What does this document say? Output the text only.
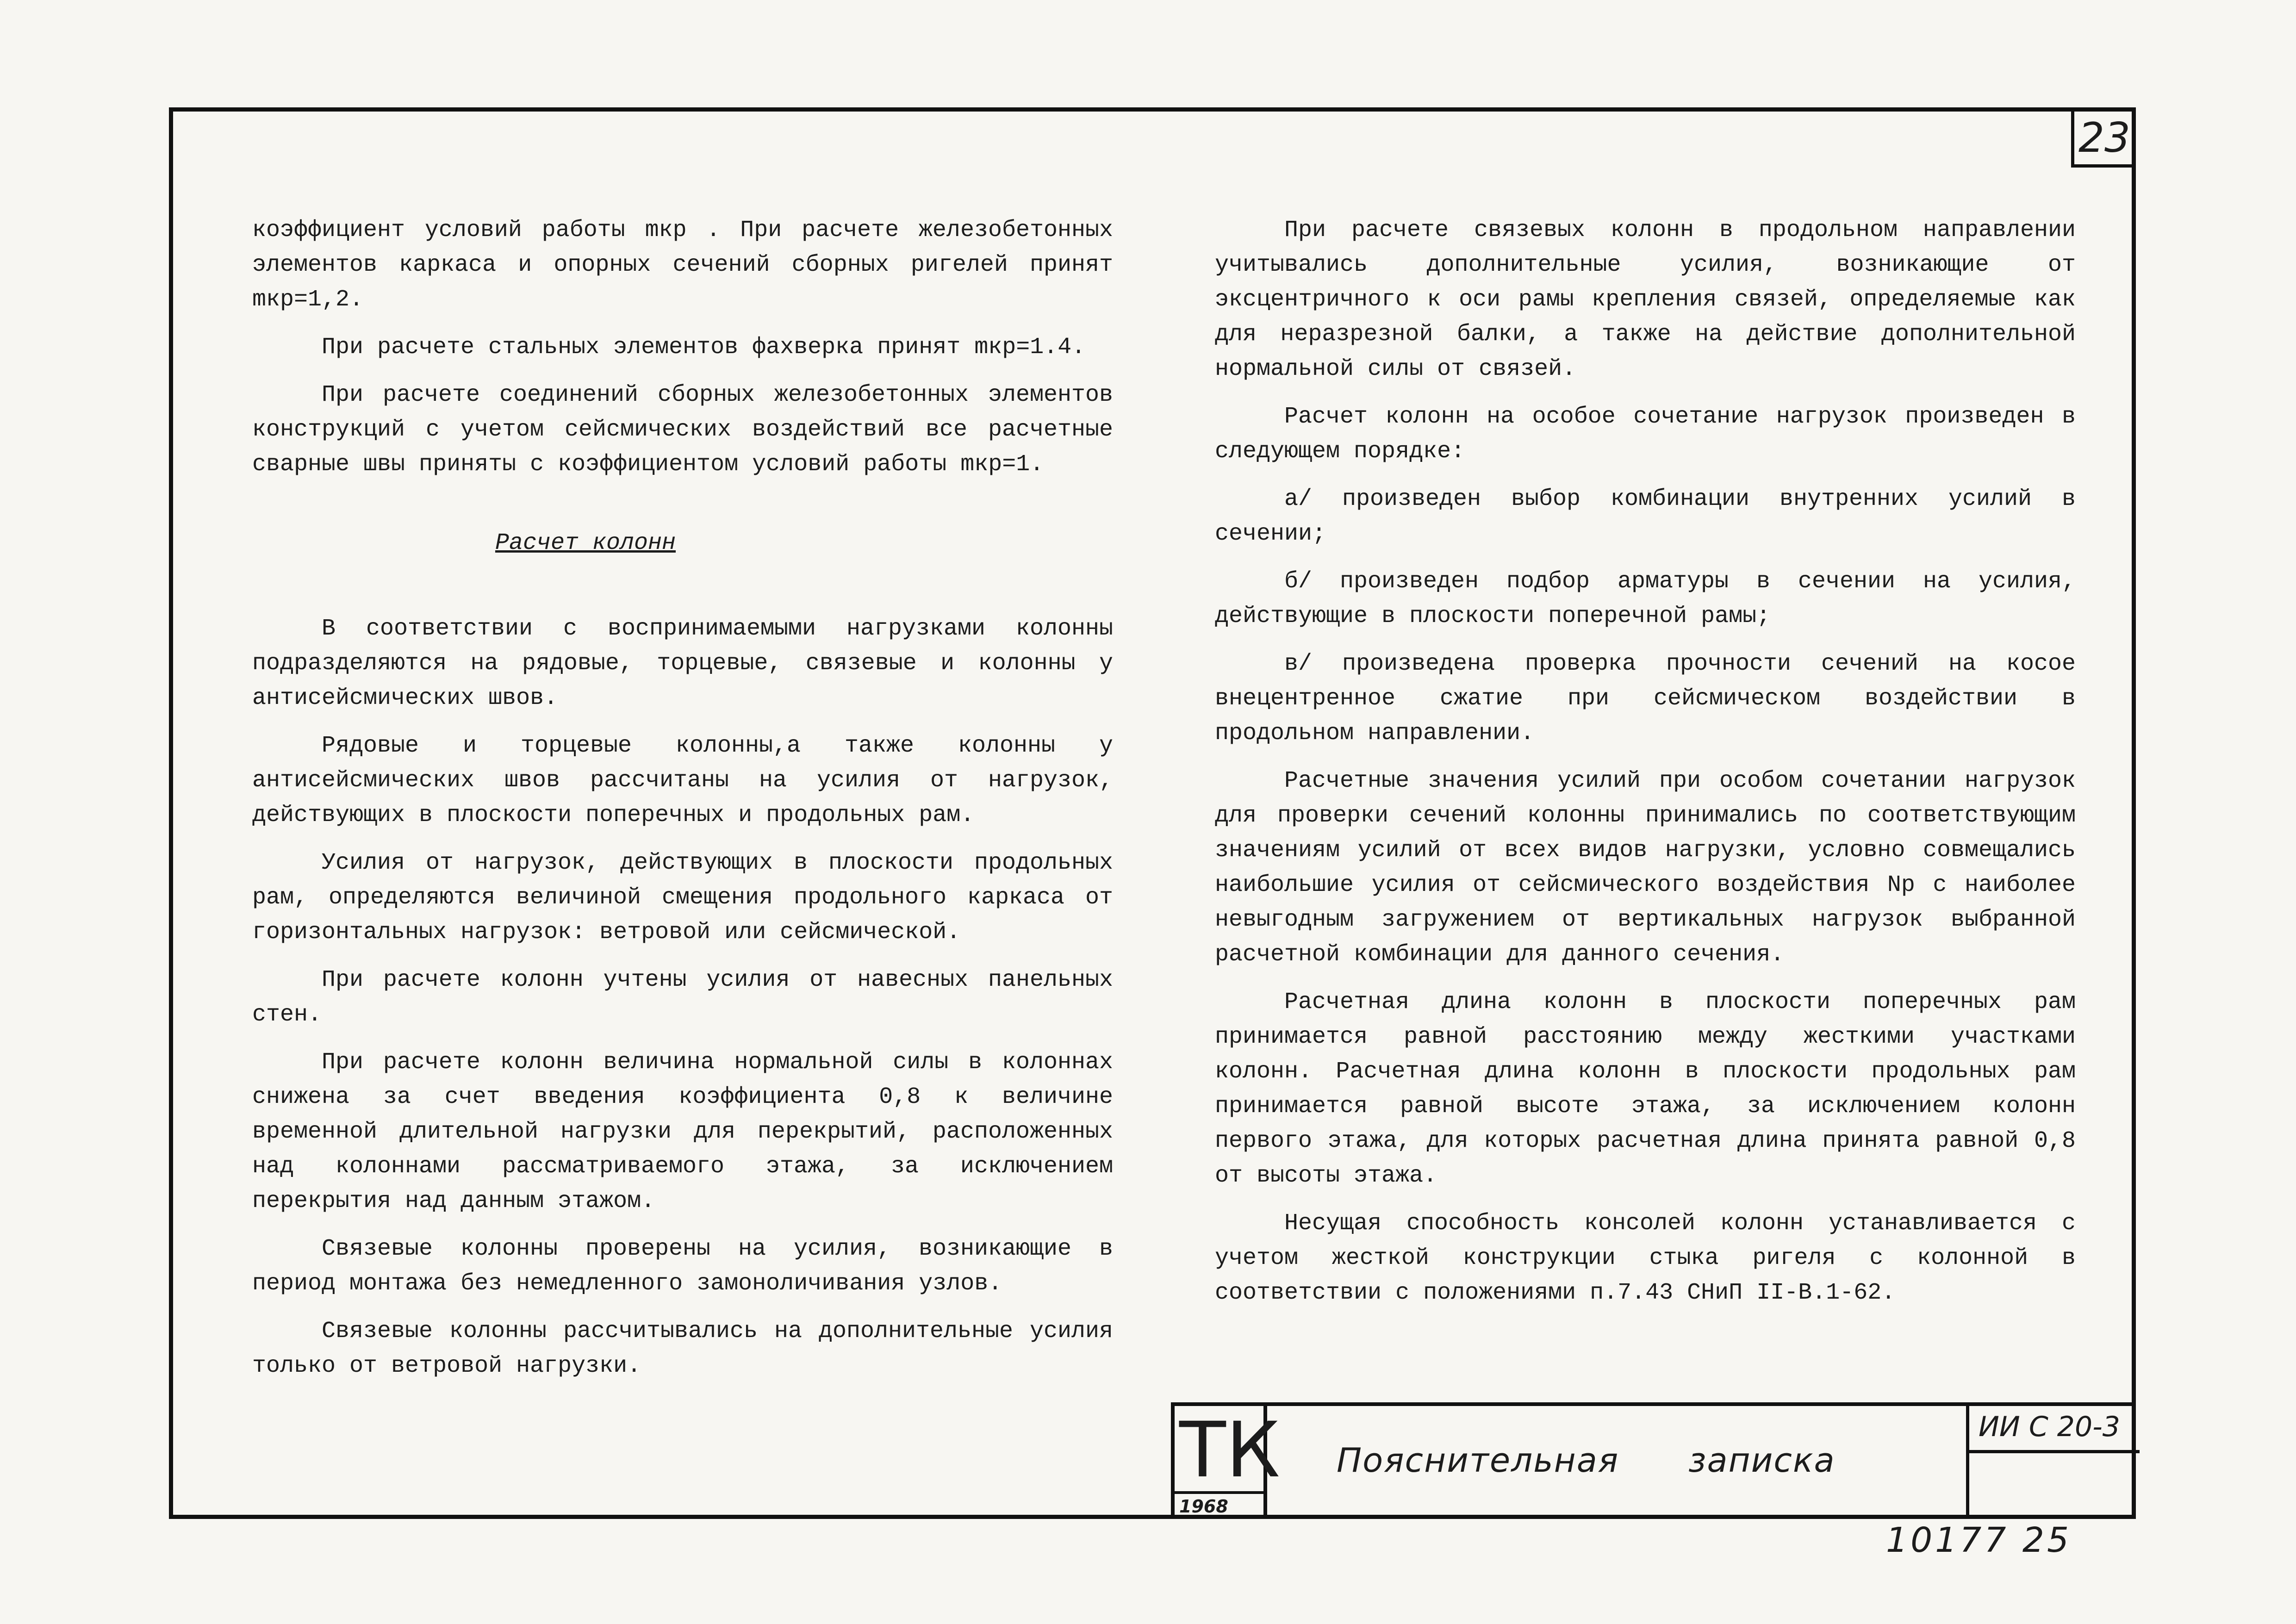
23

коэффициент условий работы mкр . При расчете железобетонных элементов каркаса и опорных сечений сборных ригелей принят mкр=1,2.

При расчете стальных элементов фахверка принят mкр=1.4.

При расчете соединений сборных железобетонных элементов конструкций с учетом сейсмических воздействий все расчетные сварные швы приняты с коэффициентом условий работы mкр=1.

Расчет колонн

В соответствии с воспринимаемыми нагрузками колонны подразделяются на рядовые, торцевые, связевые и колонны у антисейсмических швов.

Рядовые и торцевые колонны,а также колонны у антисейсмических швов рассчитаны на усилия от нагрузок, действующих в плоскости поперечных и продольных рам.

Усилия от нагрузок, действующих в плоскости продольных рам, определяются величиной смещения продольного каркаса от горизонтальных нагрузок: ветровой или сейсмической.

При расчете колонн учтены усилия от навесных панельных стен.

При расчете колонн величина нормальной силы в колоннах снижена за счет введения коэффициента 0,8 к величине временной длительной нагрузки для перекрытий, расположенных над колоннами рассматриваемого этажа, за исключением перекрытия над данным этажом.

Связевые колонны проверены на усилия, возникающие в период монтажа без немедленного замоноличивания узлов.

Связевые колонны рассчитывались на дополнительные усилия только от ветровой нагрузки.

При расчете связевых колонн в продольном направлении учитывались дополнительные усилия, возникающие от эксцентричного к оси рамы крепления связей, определяемые как для неразрезной балки, а также на действие дополнительной нормальной силы от связей.

Расчет колонн на особое сочетание нагрузок произведен в следующем порядке:

а/ произведен выбор комбинации внутренних усилий в сечении;

б/ произведен подбор арматуры в сечении на усилия, действующие в плоскости поперечной рамы;

в/ произведена проверка прочности сечений на косое внецентренное сжатие при сейсмическом воздействии в продольном направлении.

Расчетные значения усилий при особом сочетании нагрузок для проверки сечений колонны принимались по соответствующим значениям усилий от всех видов нагрузки, условно совмещались наибольшие усилия от сейсмического воздействия Np с наиболее невыгодным загружением от вертикальных нагрузок выбранной расчетной комбинации для данного сечения.

Расчетная длина колонн в плоскости поперечных рам принимается равной расстоянию между жесткими участками колонн. Расчетная длина колонн в плоскости продольных рам принимается равной высоте этажа, за исключением колонн первого этажа, для которых расчетная длина принята равной 0,8 от высоты этажа.

Несущая способность консолей колонн устанавливается с учетом жесткой конструкции стыка ригеля с колонной в соответствии с положениями п.7.43 СНиП II-В.1-62.

ТК
1968
Пояснительная записка
ИИ С 20-3
10177 25
